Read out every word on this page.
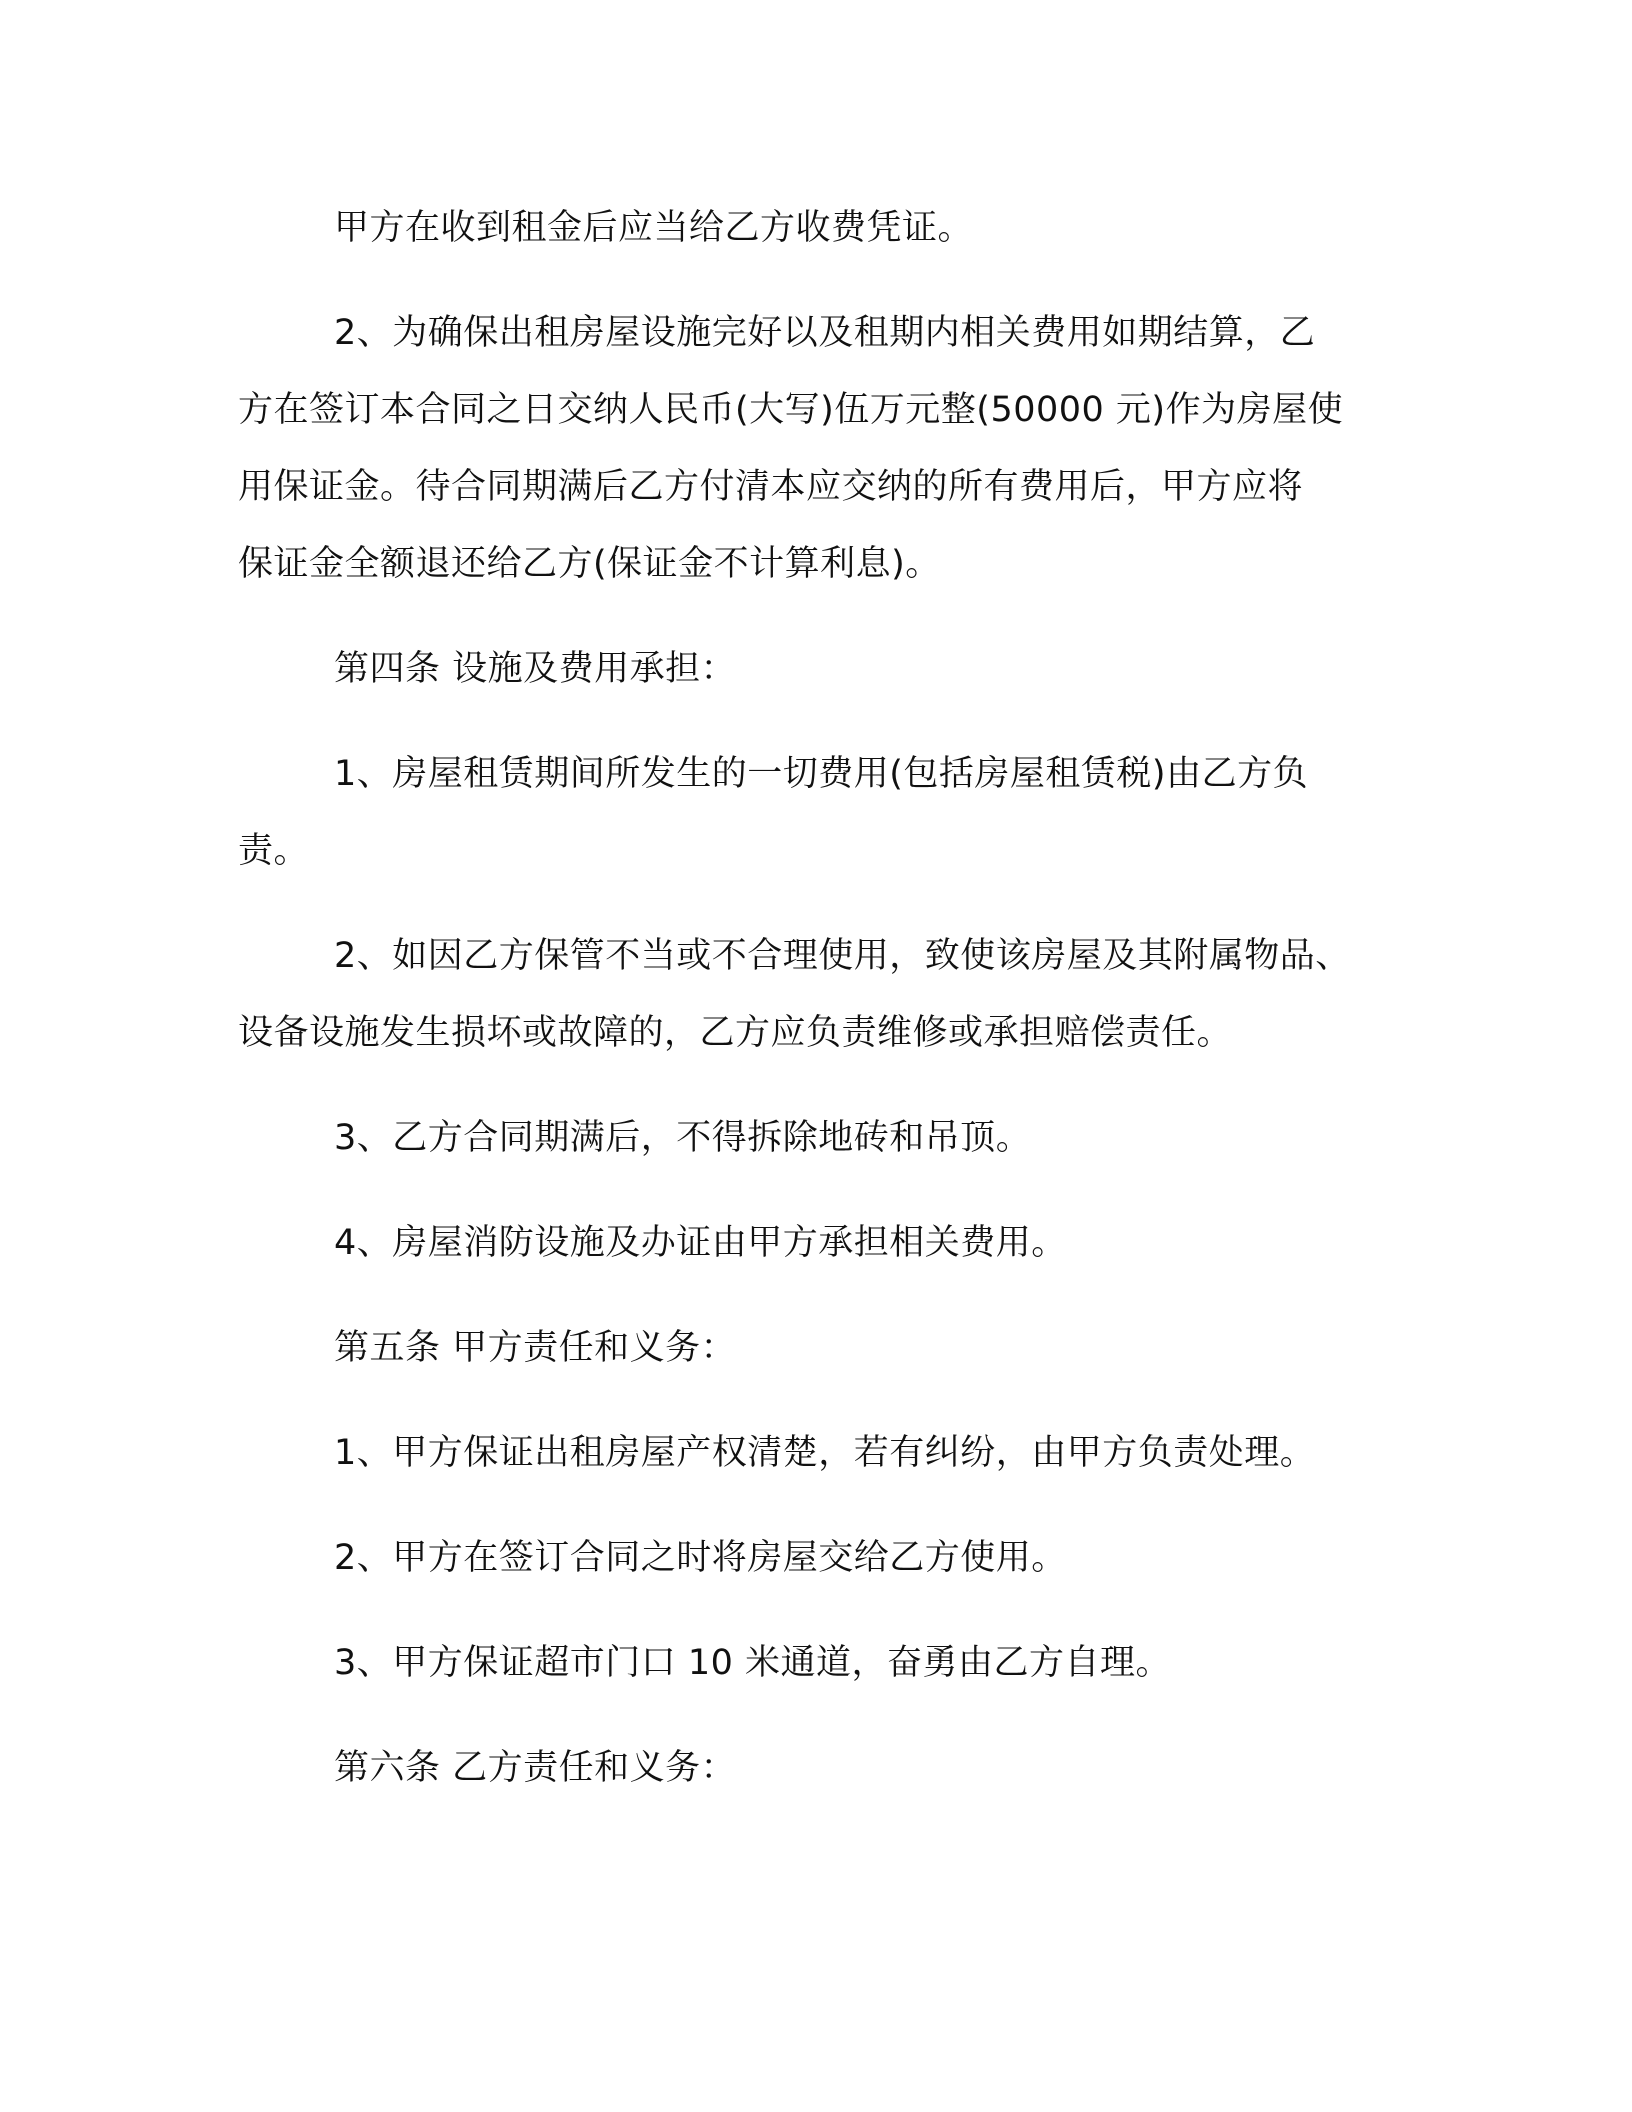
甲方在收到租金后应当给乙方收费凭证。

2、为确保出租房屋设施完好以及租期内相关费用如期结算，乙
方在签订本合同之日交纳人民币(大写)伍万元整(50000 元)作为房屋使
用保证金。待合同期满后乙方付清本应交纳的所有费用后，甲方应将
保证金全额退还给乙方(保证金不计算利息)。

第四条 设施及费用承担：

1、房屋租赁期间所发生的一切费用(包括房屋租赁税)由乙方负
责。

2、如因乙方保管不当或不合理使用，致使该房屋及其附属物品、
设备设施发生损坏或故障的，乙方应负责维修或承担赔偿责任。

3、乙方合同期满后，不得拆除地砖和吊顶。

4、房屋消防设施及办证由甲方承担相关费用。

第五条 甲方责任和义务：

1、甲方保证出租房屋产权清楚，若有纠纷，由甲方负责处理。

2、甲方在签订合同之时将房屋交给乙方使用。

3、甲方保证超市门口 10 米通道，奋勇由乙方自理。

第六条 乙方责任和义务：
